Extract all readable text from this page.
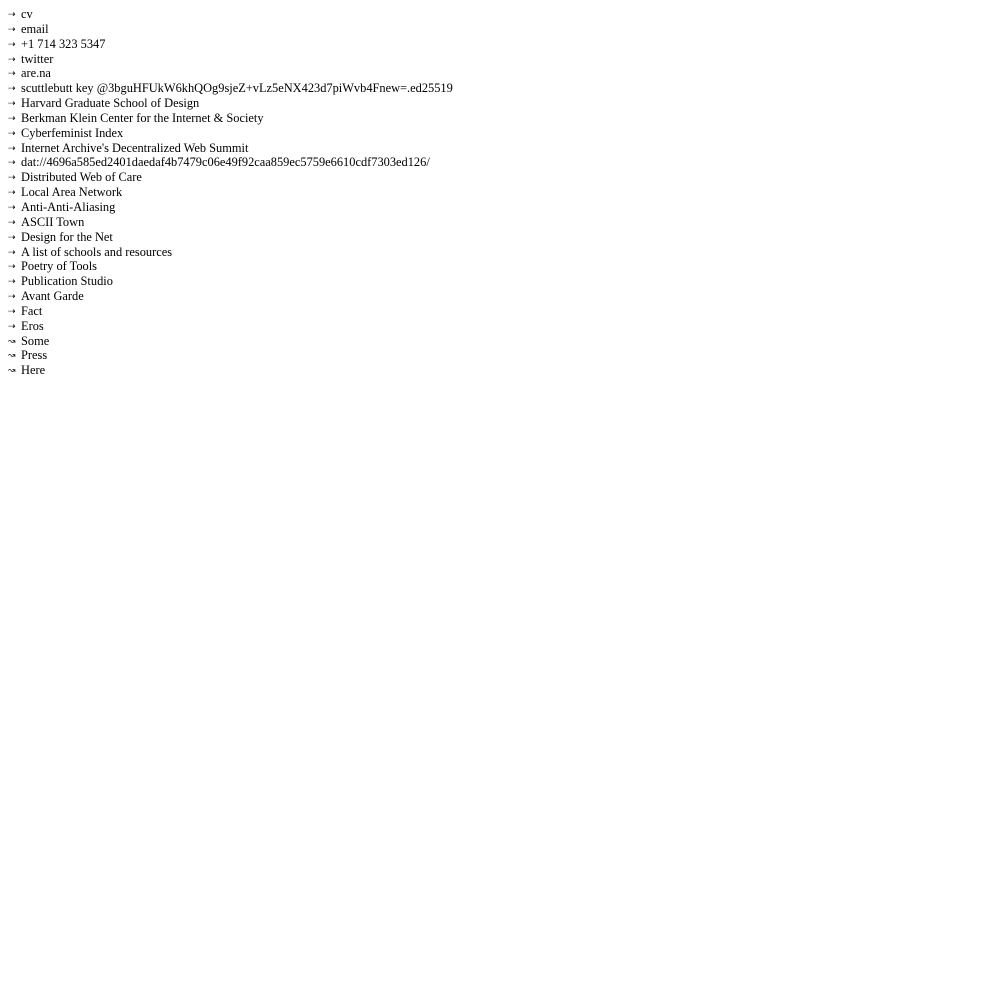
⇢ cv
⇢ email
⇢ +1 714 323 5347
⇢ twitter
⇢ are.na
⇢ scuttlebutt key @3bguHFUkW6khQOg9sjeZ+vLz5eNX423d7piWvb4Fnew=.ed25519
⇢ Harvard Graduate School of Design
⇢ Berkman Klein Center for the Internet & Society
⇢ Cyberfeminist Index
⇢ Internet Archive's Decentralized Web Summit
⇢ dat://4696a585ed2401daedaf4b7479c06e49f92caa859ec5759e6610cdf7303ed126/
⇢ Distributed Web of Care
⇢ Local Area Network
⇢ Anti-Anti-Aliasing
⇢ ASCII Town
⇢ Design for the Net
⇢ A list of schools and resources
⇢ Poetry of Tools
⇢ Publication Studio
⇢ Avant Garde
⇢ Fact
⇢ Eros
↝ Some
↝ Press
↝ Here
